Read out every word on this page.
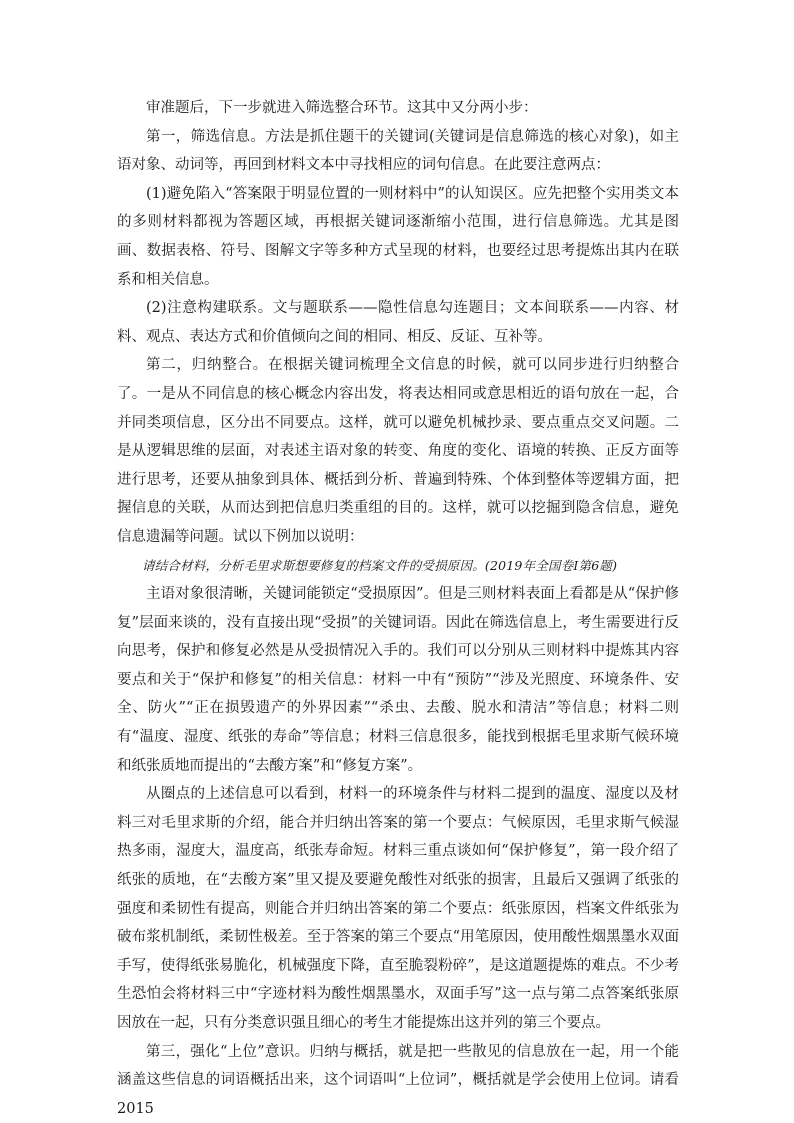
审准题后，下一步就进入筛选整合环节。这其中又分两小步：

第一，筛选信息。方法是抓住题干的关键词(关键词是信息筛选的核心对象)，如主语对象、动词等，再回到材料文本中寻找相应的词句信息。在此要注意两点：

(1)避免陷入“答案限于明显位置的一则材料中”的认知误区。应先把整个实用类文本的多则材料都视为答题区域，再根据关键词逐渐缩小范围，进行信息筛选。尤其是图画、数据表格、符号、图解文字等多种方式呈现的材料，也要经过思考提炼出其内在联系和相关信息。

(2)注意构建联系。文与题联系——隐性信息勾连题目；文本间联系——内容、材料、观点、表达方式和价值倾向之间的相同、相反、反证、互补等。

第二，归纳整合。在根据关键词梳理全文信息的时候，就可以同步进行归纳整合了。一是从不同信息的核心概念内容出发，将表达相同或意思相近的语句放在一起，合并同类项信息，区分出不同要点。这样，就可以避免机械抄录、要点重点交叉问题。二是从逻辑思维的层面，对表述主语对象的转变、角度的变化、语境的转换、正反方面等进行思考，还要从抽象到具体、概括到分析、普遍到特殊、个体到整体等逻辑方面，把握信息的关联，从而达到把信息归类重组的目的。这样，就可以挖掘到隐含信息，避免信息遗漏等问题。试以下例加以说明：

请结合材料，分析毛里求斯想要修复的档案文件的受损原因。(2019年全国卷Ⅰ第6题)

主语对象很清晰，关键词能锁定“受损原因”。但是三则材料表面上看都是从“保护修复”层面来谈的，没有直接出现“受损”的关键词语。因此在筛选信息上，考生需要进行反向思考，保护和修复必然是从受损情况入手的。我们可以分别从三则材料中提炼其内容要点和关于“保护和修复”的相关信息：材料一中有“预防”“涉及光照度、环境条件、安全、防火”“正在损毁遗产的外界因素”“杀虫、去酸、脱水和清洁”等信息；材料二则有“温度、湿度、纸张的寿命”等信息；材料三信息很多，能找到根据毛里求斯气候环境和纸张质地而提出的“去酸方案”和“修复方案”。

从圈点的上述信息可以看到，材料一的环境条件与材料二提到的温度、湿度以及材料三对毛里求斯的介绍，能合并归纳出答案的第一个要点：气候原因，毛里求斯气候湿热多雨，湿度大，温度高，纸张寿命短。材料三重点谈如何“保护修复”，第一段介绍了纸张的质地，在“去酸方案”里又提及要避免酸性对纸张的损害，且最后又强调了纸张的强度和柔韧性有提高，则能合并归纳出答案的第二个要点：纸张原因，档案文件纸张为破布浆机制纸，柔韧性极差。至于答案的第三个要点“用笔原因，使用酸性烟黑墨水双面手写，使得纸张易脆化，机械强度下降，直至脆裂粉碎”，是这道题提炼的难点。不少考生恐怕会将材料三中“字迹材料为酸性烟黑墨水，双面手写”这一点与第二点答案纸张原因放在一起，只有分类意识强且细心的考生才能提炼出这并列的第三个要点。

第三，强化“上位”意识。归纳与概括，就是把一些散见的信息放在一起，用一个能涵盖这些信息的词语概括出来，这个词语叫“上位词”，概括就是学会使用上位词。请看 2015
